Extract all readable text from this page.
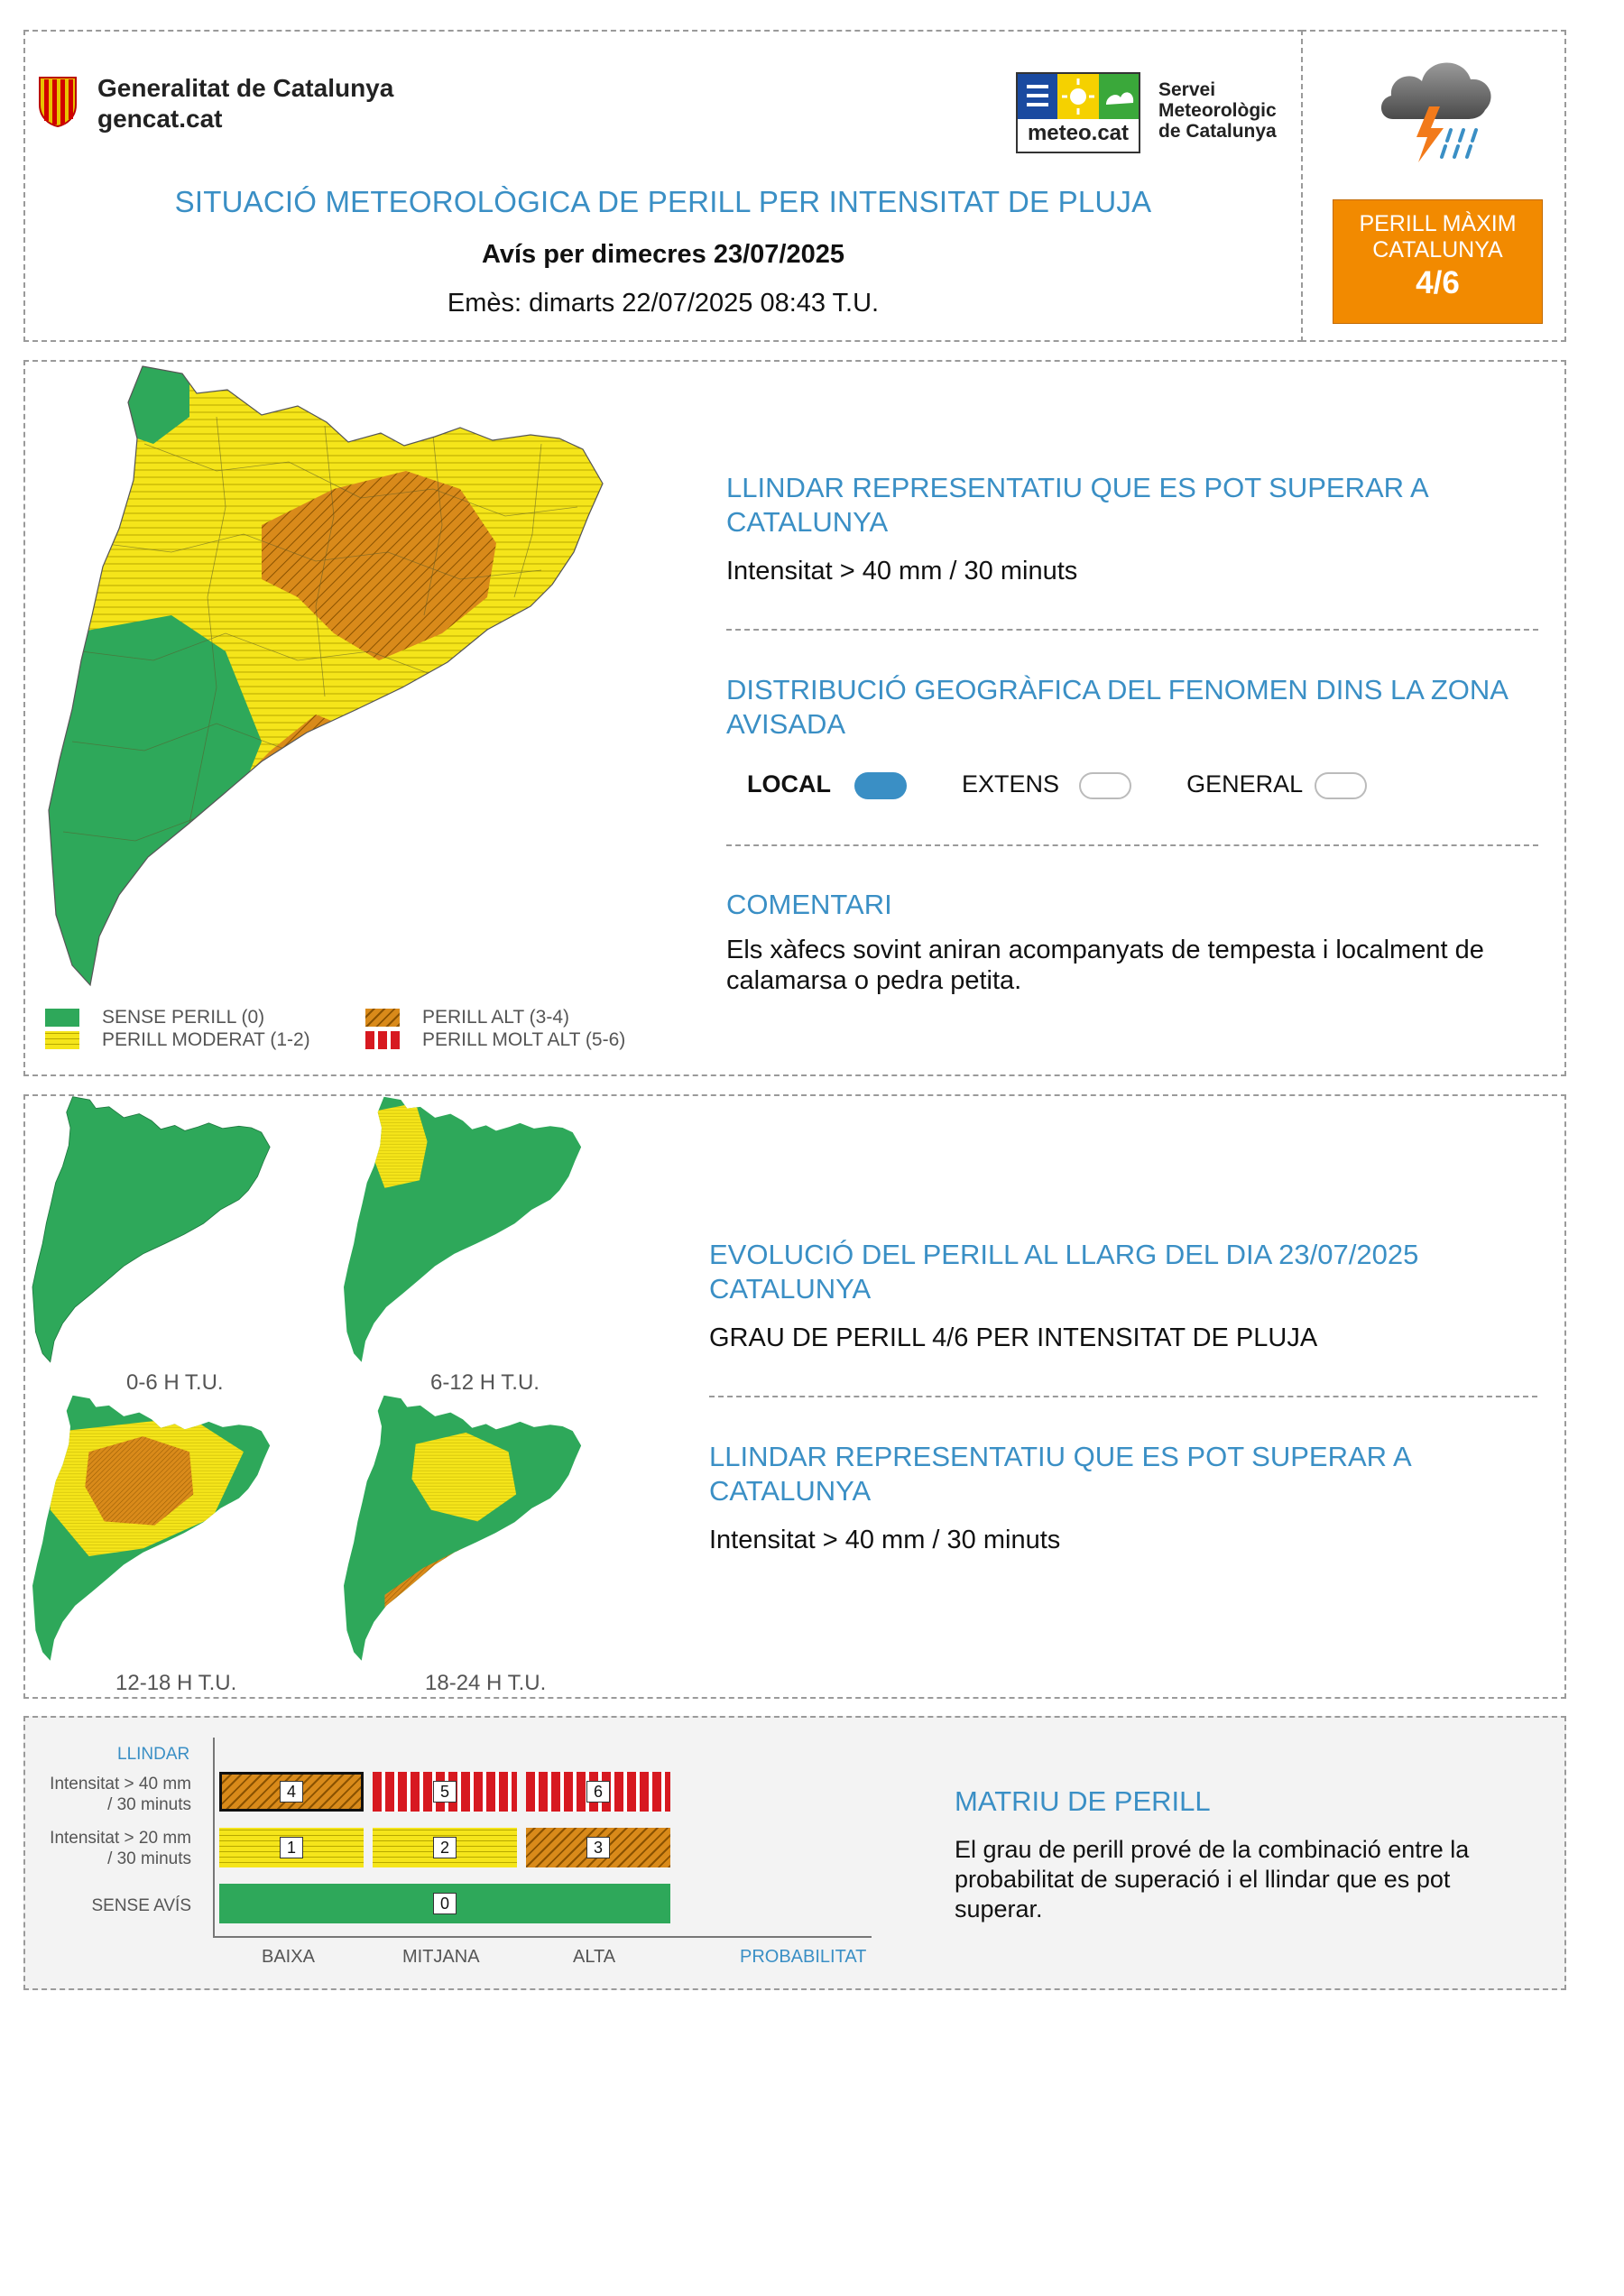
Generalitat de Catalunya
gencat.cat
meteo.cat
Servei
Meteorològic
de Catalunya
SITUACIÓ METEOROLÒGICA DE PERILL PER INTENSITAT DE PLUJA
Avís per dimecres 23/07/2025
Emès: dimarts 22/07/2025 08:43 T.U.
PERILL MÀXIM
CATALUNYA
4/6
SENSE PERILL (0)
PERILL MODERAT (1-2)
PERILL ALT (3-4)
PERILL MOLT ALT (5-6)
LLINDAR REPRESENTATIU QUE ES POT SUPERAR A CATALUNYA
Intensitat > 40 mm / 30 minuts
DISTRIBUCIÓ GEOGRÀFICA DEL FENOMEN DINS LA ZONA AVISADA
LOCAL	EXTENS	GENERAL
COMENTARI
Els xàfecs sovint aniran acompanyats de tempesta i localment de calamarsa o pedra petita.
0-6 H T.U.	6-12 H T.U.
12-18 H T.U.	18-24 H T.U.
EVOLUCIÓ DEL PERILL AL LLARG DEL DIA 23/07/2025 CATALUNYA
GRAU DE PERILL 4/6 PER INTENSITAT DE PLUJA
LLINDAR REPRESENTATIU QUE ES POT SUPERAR A CATALUNYA
Intensitat > 40 mm / 30 minuts
LLINDAR
Intensitat > 40 mm / 30 minuts
Intensitat > 20 mm / 30 minuts
SENSE AVÍS
4	5	6
1	2	3
0
BAIXA	MITJANA	ALTA	PROBABILITAT
MATRIU DE PERILL
El grau de perill prové de la combinació entre la probabilitat de superació i el llindar que es pot superar.
